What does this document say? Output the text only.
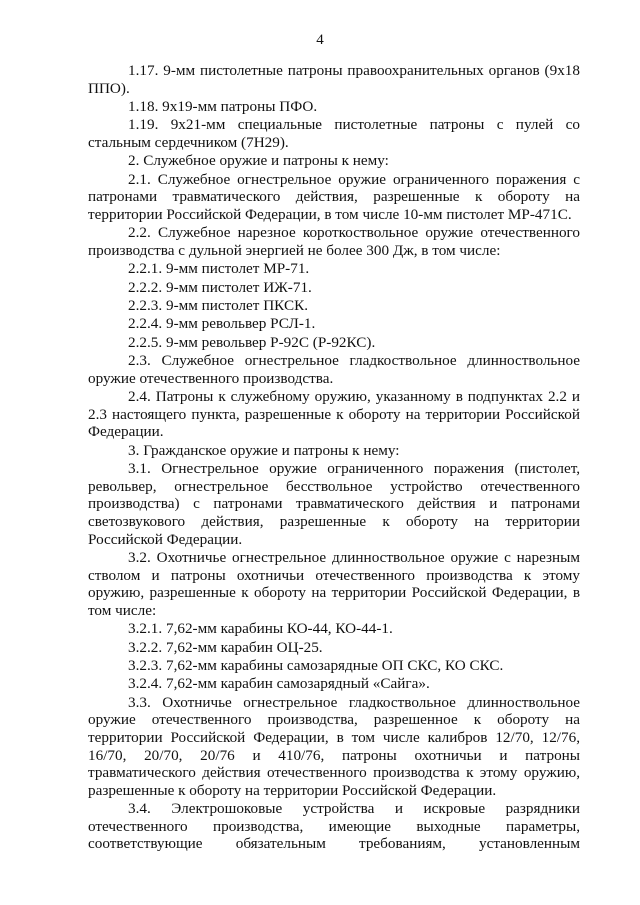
4

1.17. 9-мм пистолетные патроны правоохранительных органов (9x18 ППО).

1.18. 9x19-мм патроны ПФО.

1.19. 9x21-мм специальные пистолетные патроны с пулей со стальным сердечником (7Н29).

2. Служебное оружие и патроны к нему:

2.1. Служебное огнестрельное оружие ограниченного поражения с патронами травматического действия, разрешенные к обороту на территории Российской Федерации, в том числе 10-мм пистолет МР-471С.

2.2. Служебное нарезное короткоствольное оружие отечественного производства с дульной энергией не более 300 Дж, в том числе:

2.2.1. 9-мм пистолет МР-71.

2.2.2. 9-мм пистолет ИЖ-71.

2.2.3. 9-мм пистолет ПКСК.

2.2.4. 9-мм револьвер РСЛ-1.

2.2.5. 9-мм револьвер Р-92С (Р-92КС).

2.3. Служебное огнестрельное гладкоствольное длинноствольное оружие отечественного производства.

2.4. Патроны к служебному оружию, указанному в подпунктах 2.2 и 2.3 настоящего пункта, разрешенные к обороту на территории Российской Федерации.

3. Гражданское оружие и патроны к нему:

3.1. Огнестрельное оружие ограниченного поражения (пистолет, револьвер, огнестрельное бесствольное устройство отечественного производства) с патронами травматического действия и патронами светозвукового действия, разрешенные к обороту на территории Российской Федерации.

3.2. Охотничье огнестрельное длинноствольное оружие с нарезным стволом и патроны охотничьи отечественного производства к этому оружию, разрешенные к обороту на территории Российской Федерации, в том числе:

3.2.1. 7,62-мм карабины КО-44, КО-44-1.

3.2.2. 7,62-мм карабин ОЦ-25.

3.2.3. 7,62-мм карабины самозарядные ОП СКС, КО СКС.

3.2.4. 7,62-мм карабин самозарядный «Сайга».

3.3. Охотничье огнестрельное гладкоствольное длинноствольное оружие отечественного производства, разрешенное к обороту на территории Российской Федерации, в том числе калибров 12/70, 12/76, 16/70, 20/70, 20/76 и 410/76, патроны охотничьи и патроны травматического действия отечественного производства к этому оружию, разрешенные к обороту на территории Российской Федерации.

3.4. Электрошоковые устройства и искровые разрядники отечественного производства, имеющие выходные параметры, соответствующие обязательным требованиям, установленным
